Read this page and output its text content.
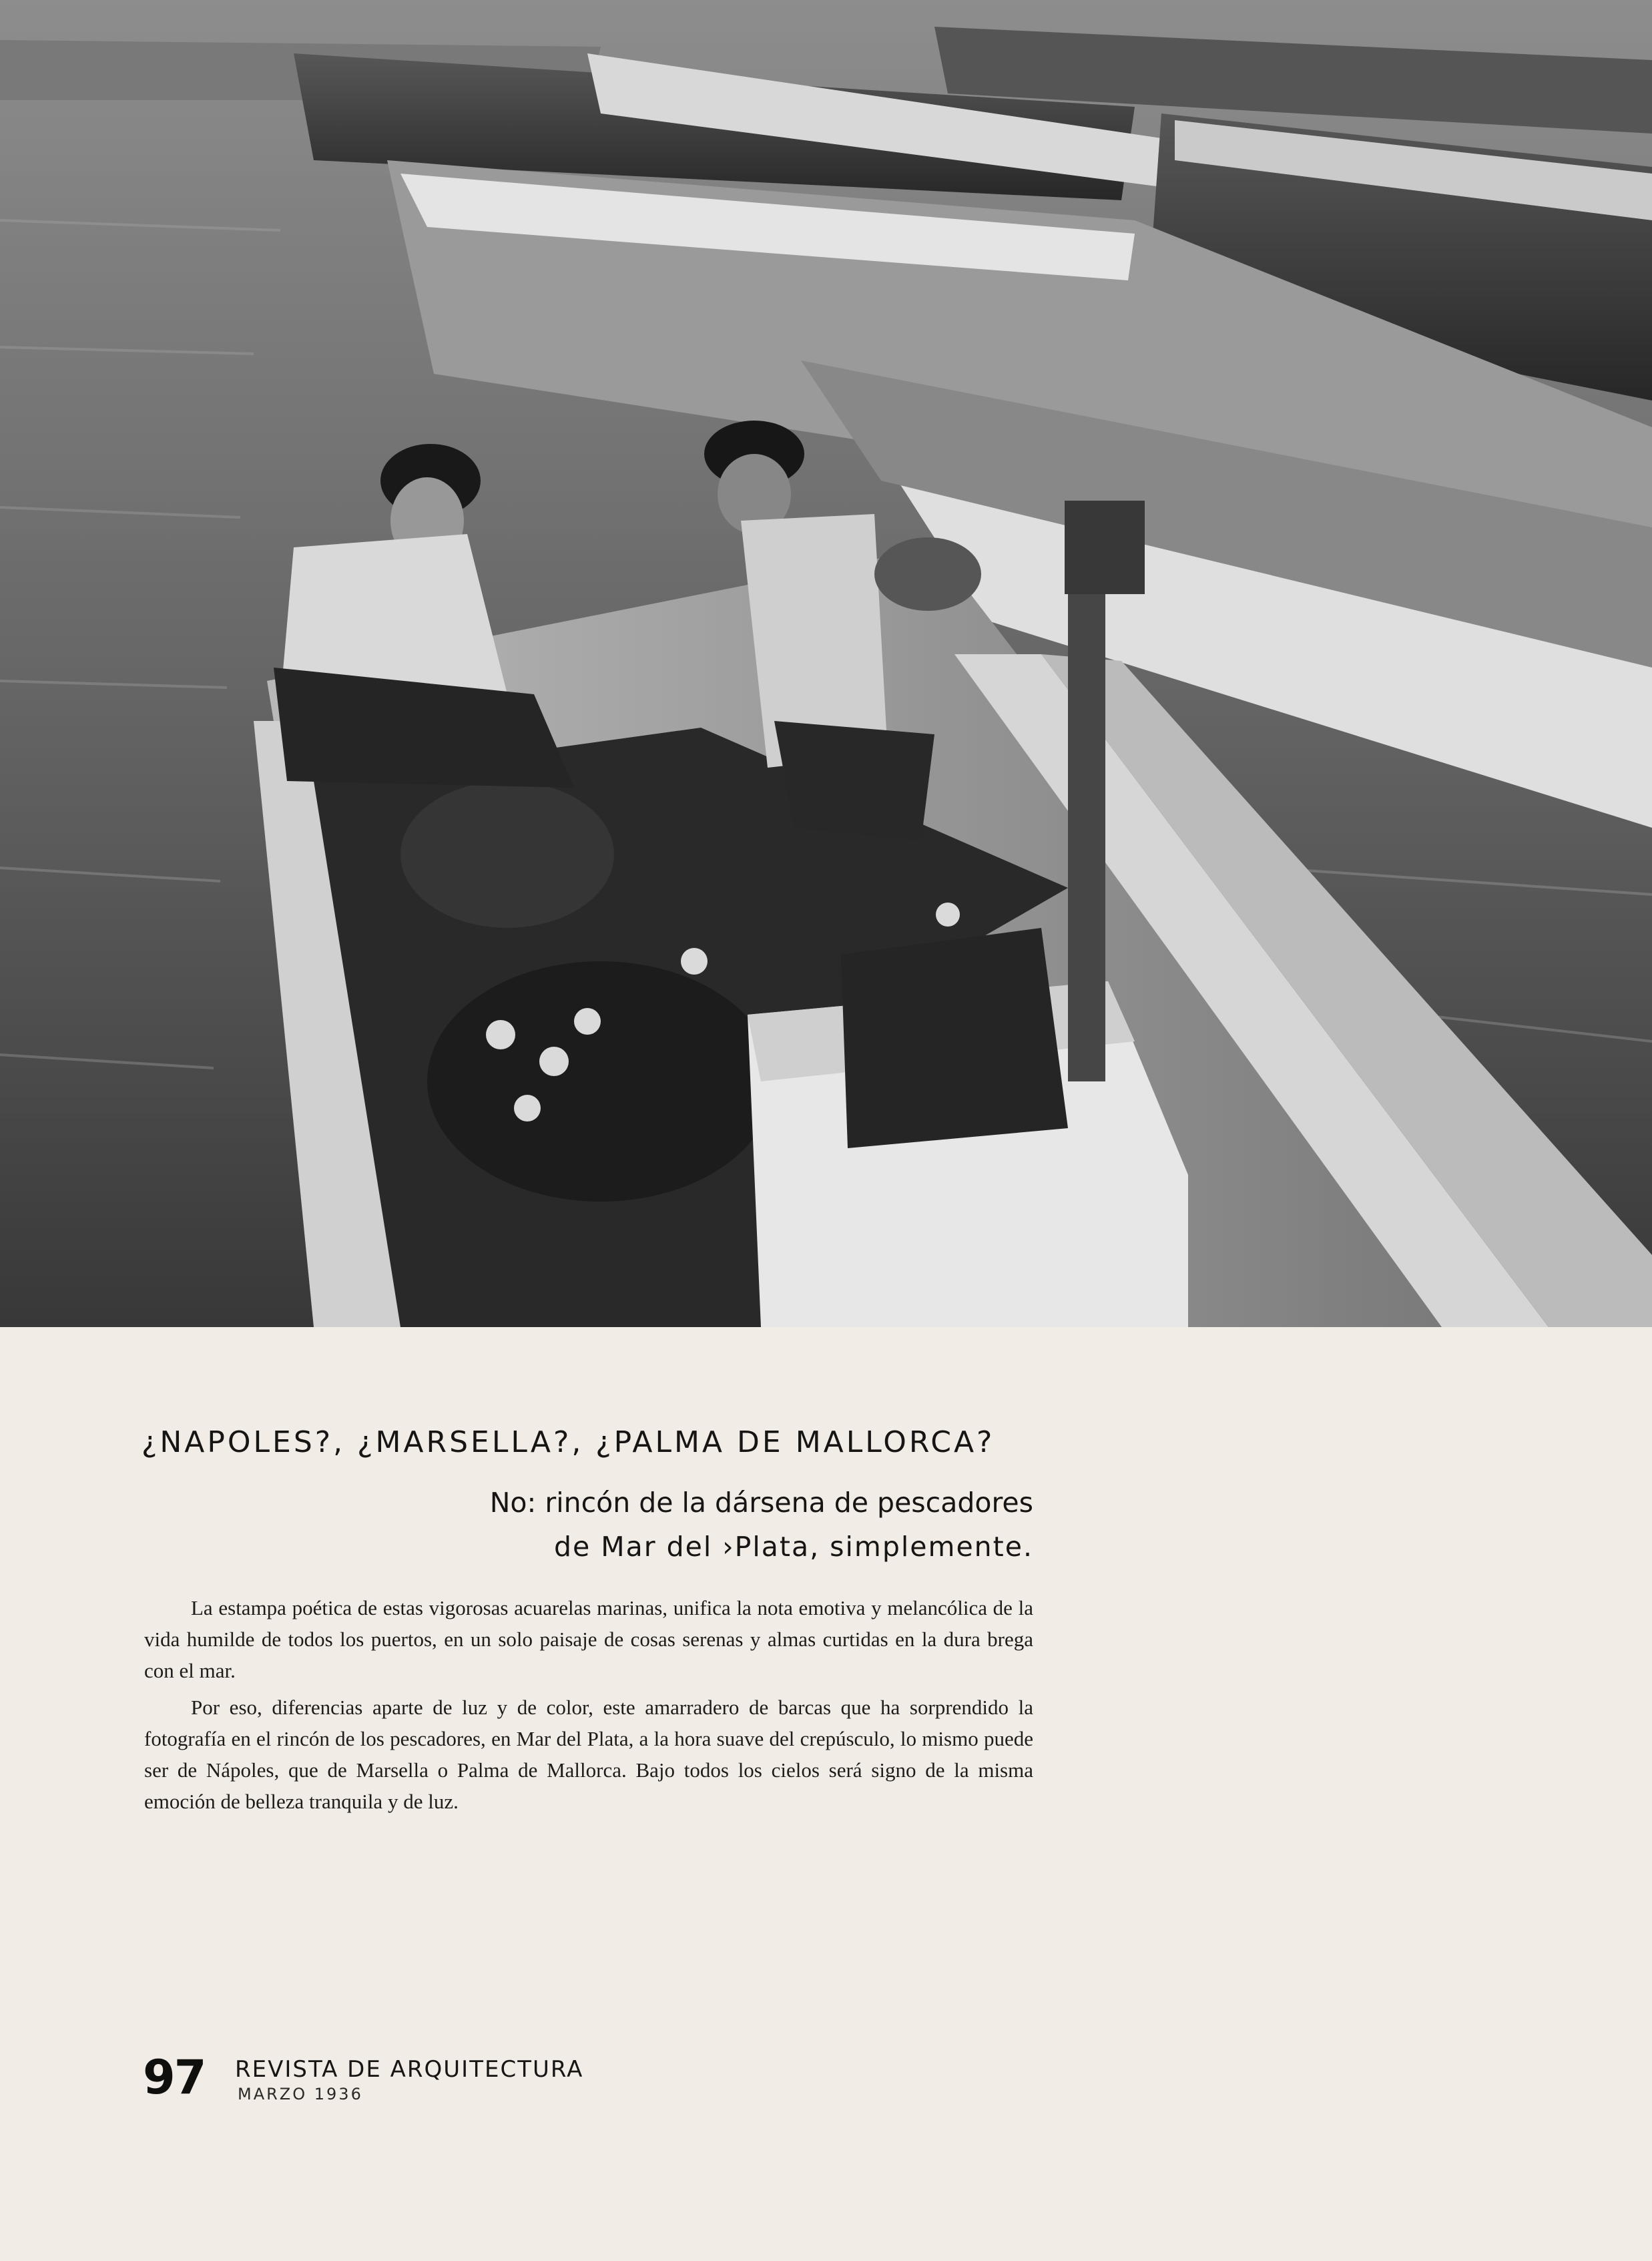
¿NAPOLES?, ¿MARSELLA?, ¿PALMA DE MALLORCA?
No: rincón de la dársena de pescadores
de Mar del ›Plata, simplemente.

La estampa poética de estas vigorosas acuarelas marinas, unifica la nota emotiva y melancólica de la vida humilde de todos los puertos, en un solo paisaje de cosas serenas y almas curtidas en la dura brega con el mar.

Por eso, diferencias aparte de luz y de color, este amarradero de barcas que ha sorprendido la fotografía en el rincón de los pescadores, en Mar del Plata, a la hora suave del crepúsculo, lo mismo puede ser de Nápoles, que de Marsella o Palma de Mallorca. Bajo todos los cielos será signo de la misma emoción de belleza tranquila y de luz.

97 REVISTA DE ARQUITECTURA
MARZO 1936
